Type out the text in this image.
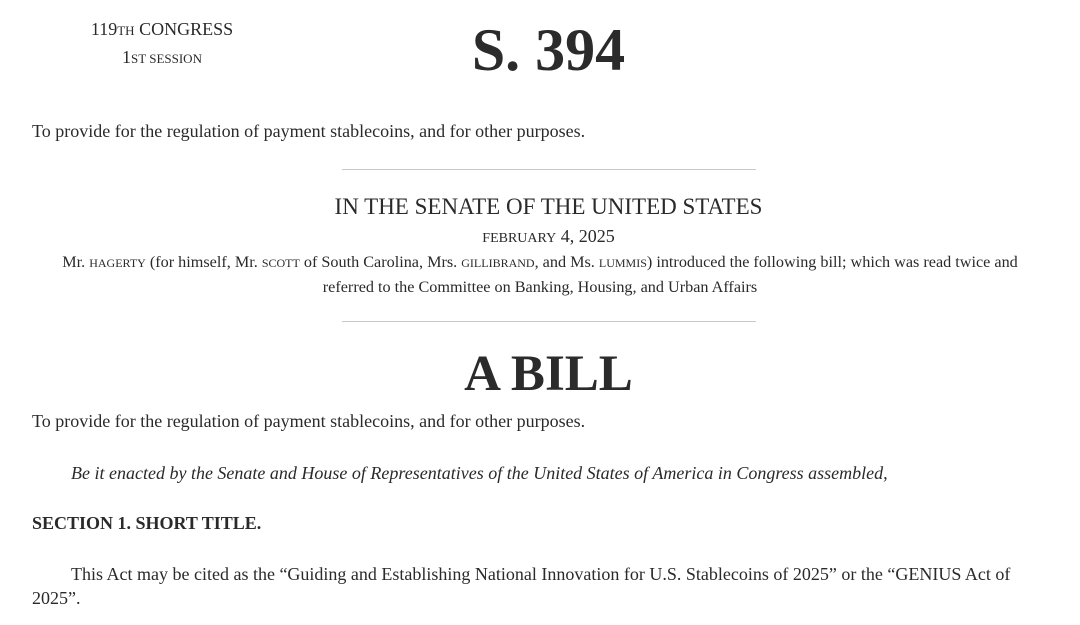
119TH CONGRESS
1ST SESSION	S. 394
To provide for the regulation of payment stablecoins, and for other purposes.
IN THE SENATE OF THE UNITED STATES
FEBRUARY 4, 2025
Mr. HAGERTY (for himself, Mr. SCOTT of South Carolina, Mrs. GILLIBRAND, and Ms. LUMMIS) introduced the following bill; which was read twice and
referred to the Committee on Banking, Housing, and Urban Affairs
A BILL
To provide for the regulation of payment stablecoins, and for other purposes.
Be it enacted by the Senate and House of Representatives of the United States of America in Congress assembled,
SECTION 1. SHORT TITLE.
This Act may be cited as the “Guiding and Establishing National Innovation for U.S. Stablecoins of 2025” or the “GENIUS Act of 2025”.
